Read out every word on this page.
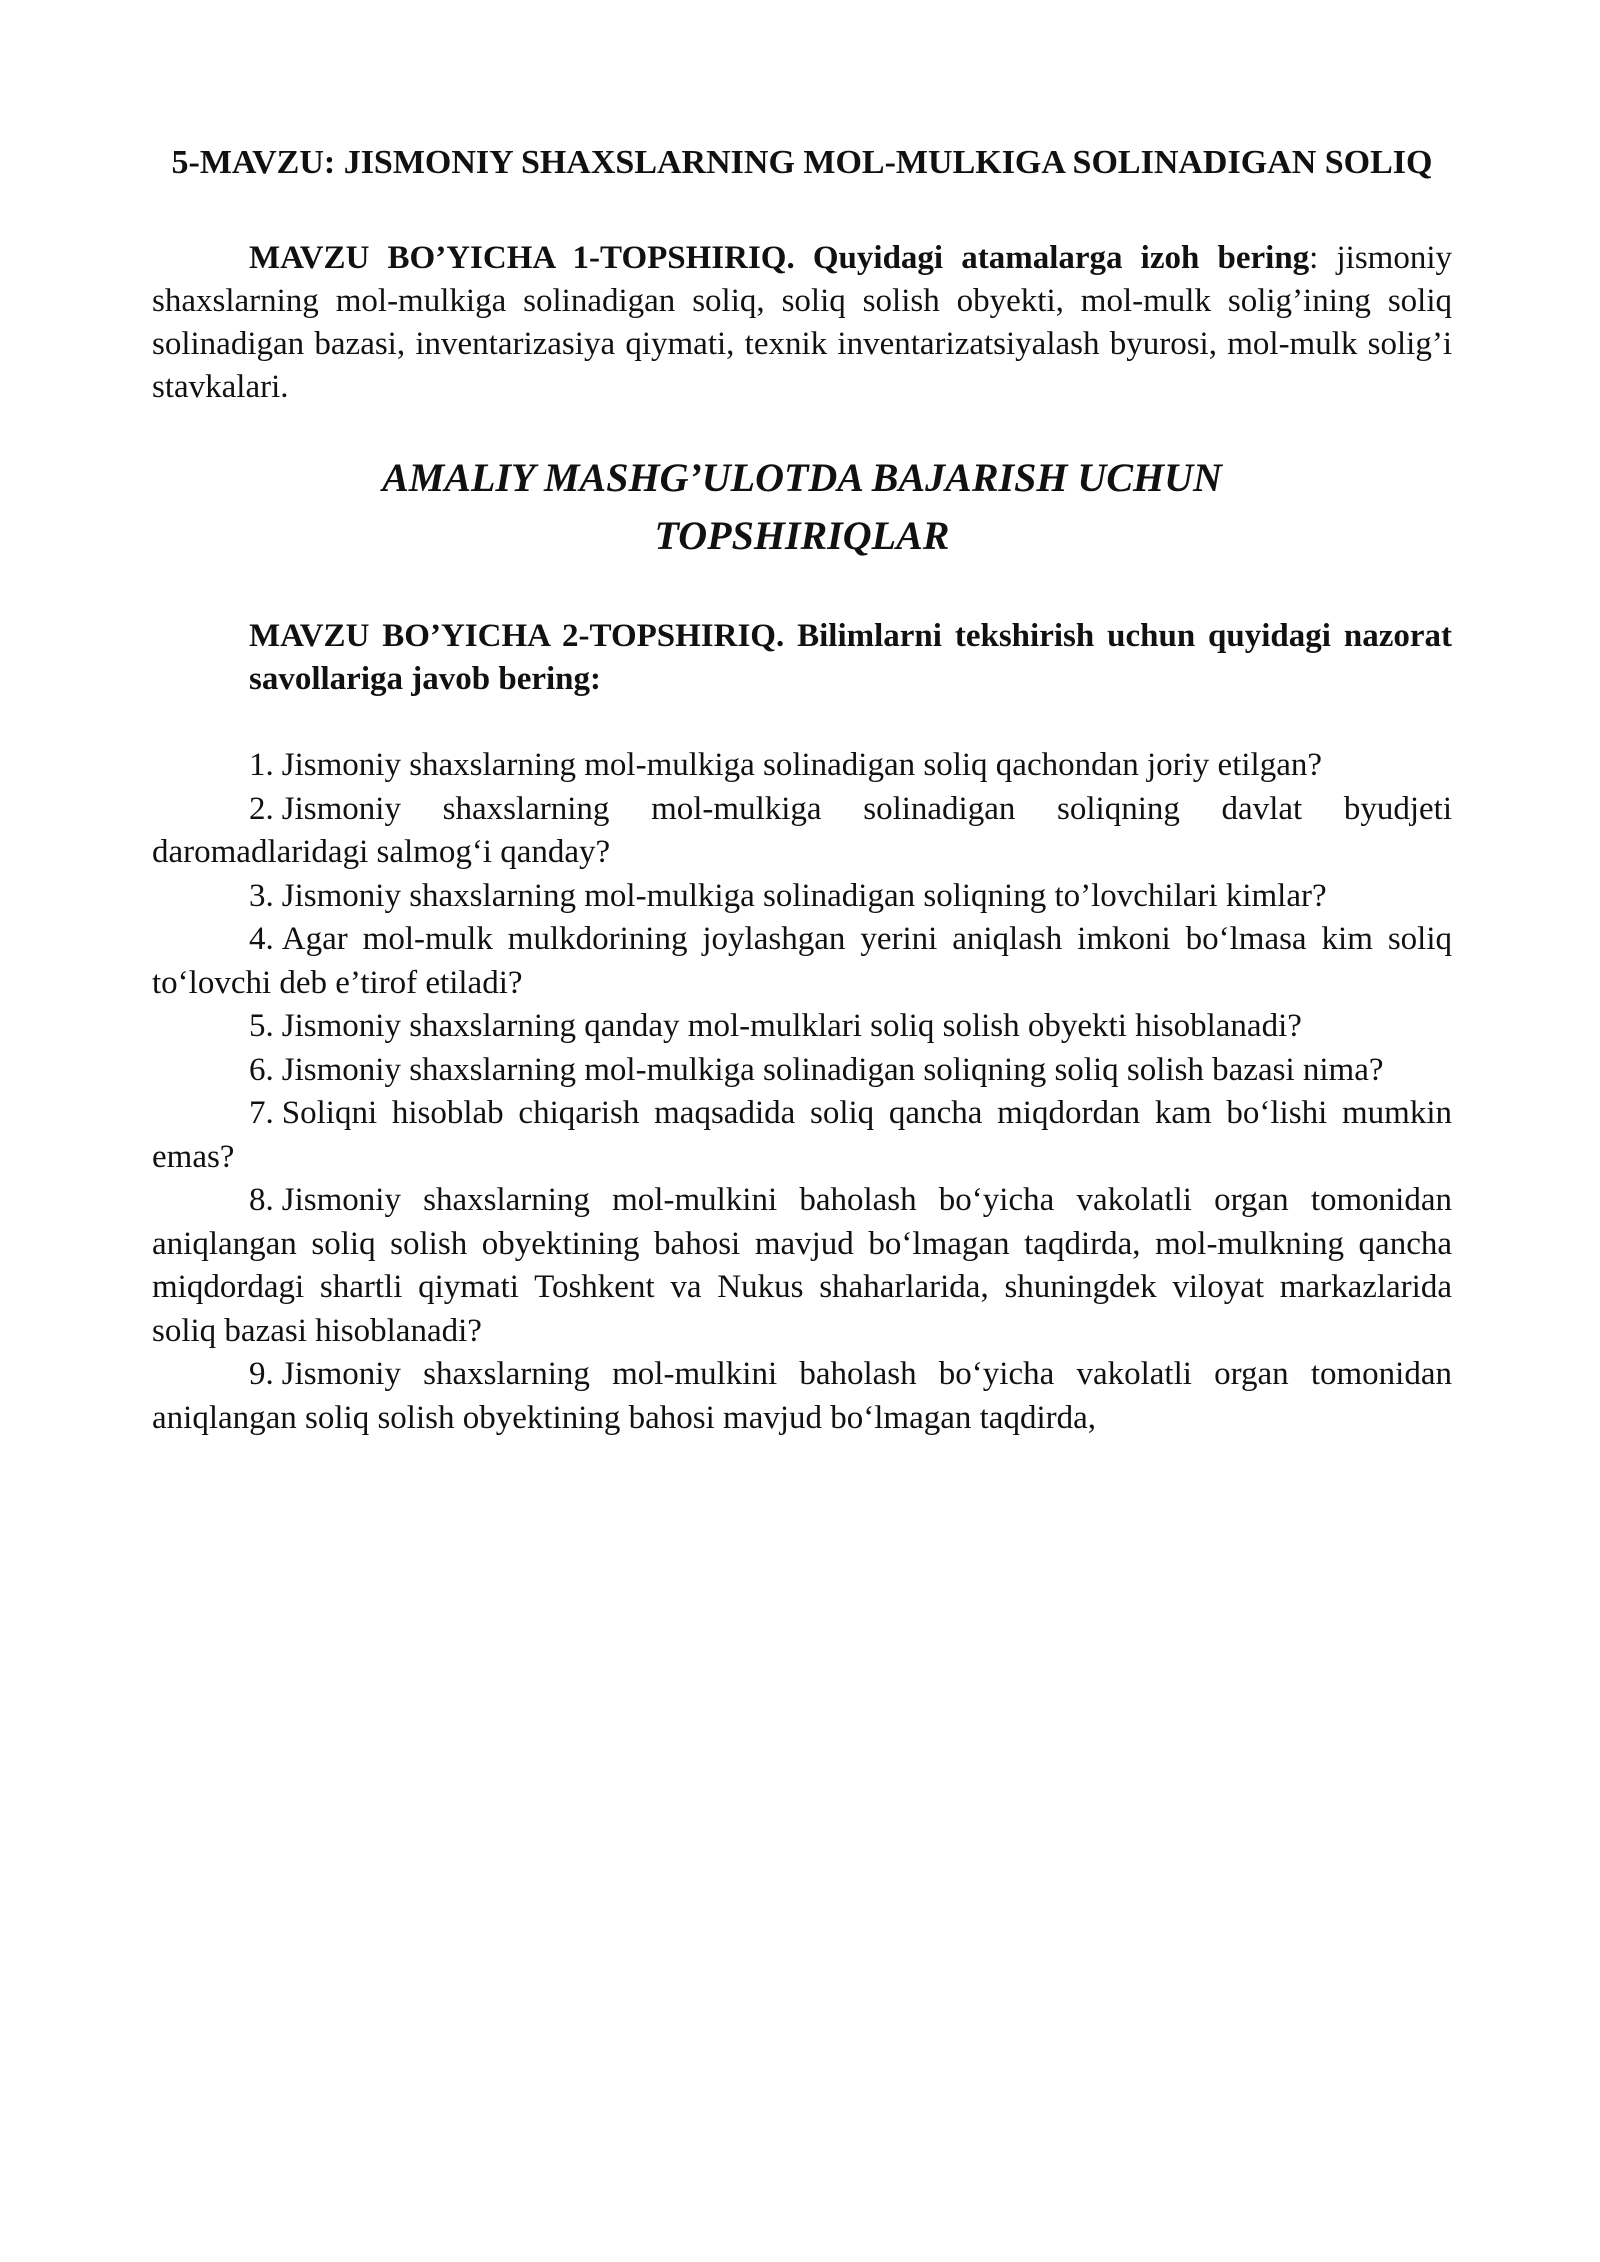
5-MAVZU: JISMONIY SHAXSLARNING MOL-MULKIGA SOLINADIGAN SOLIQ

MAVZU BO’YICHA 1-TOPSHIRIQ. Quyidagi atamalarga izoh bering: jismoniy shaxslarning mol-mulkiga solinadigan soliq, soliq solish obyekti, mol-mulk solig’ining soliq solinadigan bazasi, inventarizasiya qiymati, texnik inventarizatsiyalash byurosi, mol-mulk solig’i stavkalari.

AMALIY MASHG’ULOTDA BAJARISH UCHUN
TOPSHIRIQLAR

MAVZU BO’YICHA 2-TOPSHIRIQ. Bilimlarni tekshirish uchun quyidagi nazorat savollariga javob bering:

1. Jismoniy shaxslarning mol-mulkiga solinadigan soliq qachondan joriy etilgan?

2. Jismoniy shaxslarning mol-mulkiga solinadigan soliqning davlat byudjeti daromadlaridagi salmog‘i qanday?

3. Jismoniy shaxslarning mol-mulkiga solinadigan soliqning to’lovchilari kimlar?

4. Agar mol-mulk mulkdorining joylashgan yerini aniqlash imkoni bo‘lmasa kim soliq to‘lovchi deb e’tirof etiladi?

5. Jismoniy shaxslarning qanday mol-mulklari soliq solish obyekti hisoblanadi?

6. Jismoniy shaxslarning mol-mulkiga solinadigan soliqning soliq solish bazasi nima?

7. Soliqni hisoblab chiqarish maqsadida soliq qancha miqdordan kam bo‘lishi mumkin emas?

8. Jismoniy shaxslarning mol-mulkini baholash bo‘yicha vakolatli organ tomonidan aniqlangan soliq solish obyektining bahosi mavjud bo‘lmagan taqdirda, mol-mulkning qancha miqdordagi shartli qiymati Toshkent va Nukus shaharlarida, shuningdek viloyat markazlarida soliq bazasi hisoblanadi?

9. Jismoniy shaxslarning mol-mulkini baholash bo‘yicha vakolatli organ tomonidan aniqlangan soliq solish obyektining bahosi mavjud bo‘lmagan taqdirda,
